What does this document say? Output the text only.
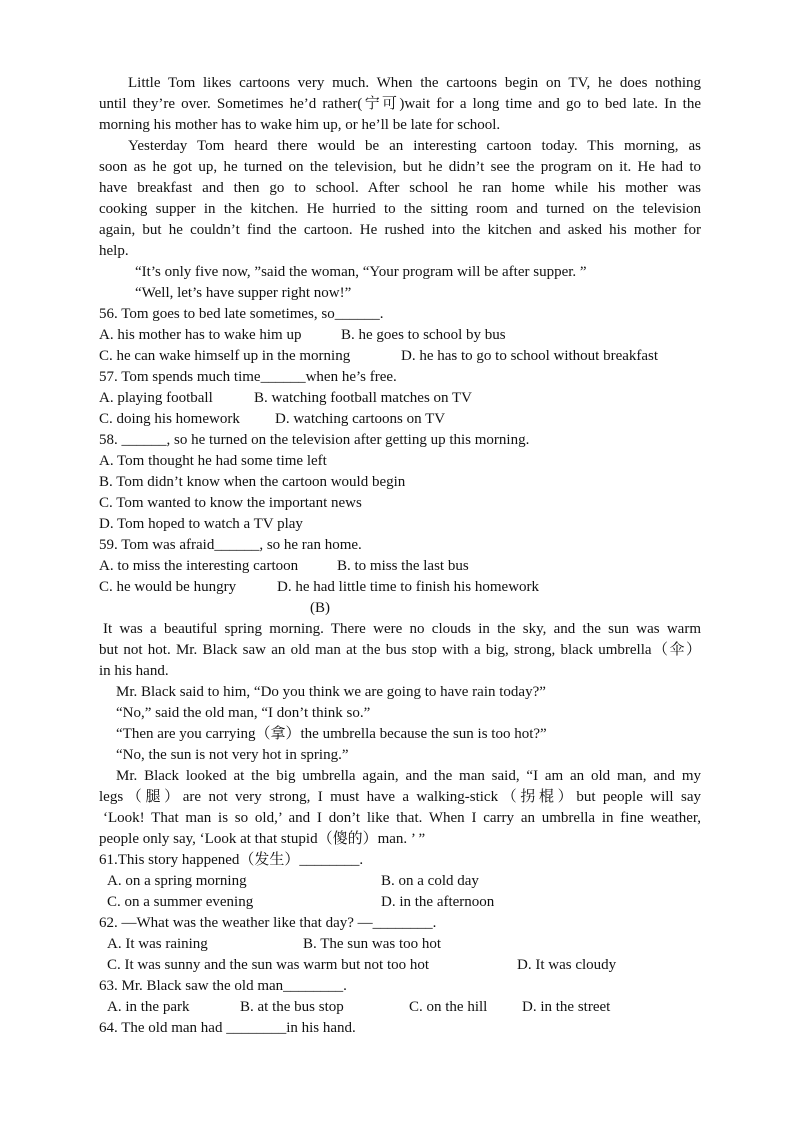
Little Tom likes cartoons very much. When the cartoons begin on TV, he does nothing
until they’re over. Sometimes he’d rather(宁可)wait for a long time and go to bed late. In the
morning his mother has to wake him up, or he’ll be late for school.
Yesterday Tom heard there would be an interesting cartoon today. This morning, as
soon as he got up, he turned on the television, but he didn’t see the program on it. He had to
have breakfast and then go to school. After school he ran home while his mother was
cooking supper in the kitchen. He hurried to the sitting room and turned on the television
again, but he couldn’t find the cartoon. He rushed into the kitchen and asked his mother for
help.
“It’s only five now, ”said the woman, “Your program will be after supper. ”
“Well, let’s have supper right now!”
56. Tom goes to bed late sometimes, so______.
A. his mother has to wake him up	B. he goes to school by bus
C. he can wake himself up in the morning	D. he has to go to school without breakfast
57. Tom spends much time______when he’s free.
A. playing football	B. watching football matches on TV
C. doing his homework D. watching cartoons on TV
58. ______, so he turned on the television after getting up this morning.
A. Tom thought he had some time left
B. Tom didn’t know when the cartoon would begin
C. Tom wanted to know the important news
D. Tom hoped to watch a TV play
59. Tom was afraid______, so he ran home.
A. to miss the interesting cartoon	B. to miss the last bus
C. he would be hungry	D. he had little time to finish his homework
(B)
It was a beautiful spring morning. There were no clouds in the sky, and the sun was warm
but not hot. Mr. Black saw an old man at the bus stop with a big, strong, black umbrella（伞）
in his hand.
Mr. Black said to him, “Do you think we are going to have rain today?”
“No,” said the old man, “I don’t think so.”
“Then are you carrying（拿）the umbrella because the sun is too hot?”
“No, the sun is not very hot in spring.”
Mr. Black looked at the big umbrella again, and the man said, “I am an old man, and my
legs（腿）are not very strong, I must have a walking-stick（拐棍）but people will say
‘Look! That man is so old,’ and I don’t like that. When I carry an umbrella in fine weather,
people only say, ‘Look at that stupid（傻的）man. ’ ”
61.This story happened（发生）________.
A. on a spring morning	B. on a cold day
C. on a summer evening	D. in the afternoon
62. —What was the weather like that day? —________.
A. It was raining	B. The sun was too hot
C. It was sunny and the sun was warm but not too hot	D. It was cloudy
63. Mr. Black saw the old man________.
A. in the park	B. at the bus stop	C. on the hill D. in the street
64. The old man had ________in his hand.
